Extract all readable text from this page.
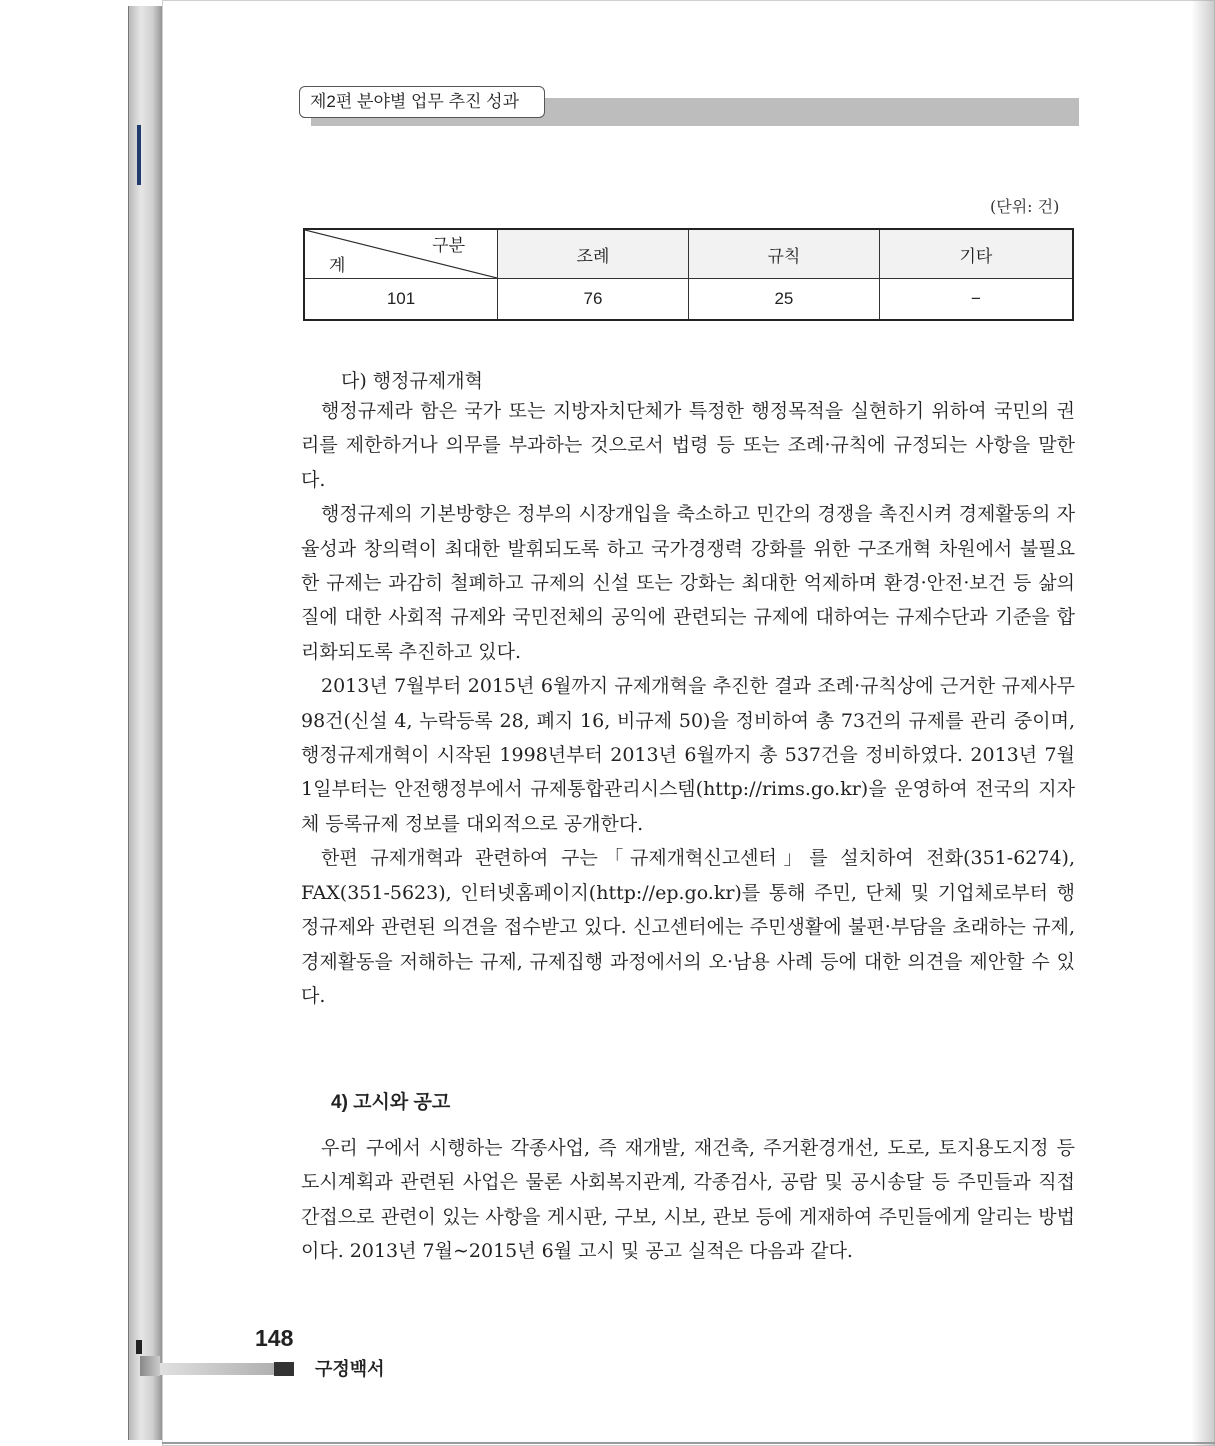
제2편 분야별 업무 추진 성과
(단위: 건)
구분
계	조례	규칙	기타
101	76	25	−
다) 행정규제개혁

행정규제라 함은 국가 또는 지방자치단체가 특정한 행정목적을 실현하기 위하여 국민의 권리를 제한하거나 의무를 부과하는 것으로서 법령 등 또는 조례·규칙에 규정되는 사항을 말한다.

행정규제의 기본방향은 정부의 시장개입을 축소하고 민간의 경쟁을 촉진시켜 경제활동의 자율성과 창의력이 최대한 발휘되도록 하고 국가경쟁력 강화를 위한 구조개혁 차원에서 불필요한 규제는 과감히 철폐하고 규제의 신설 또는 강화는 최대한 억제하며 환경·안전·보건 등 삶의 질에 대한 사회적 규제와 국민전체의 공익에 관련되는 규제에 대하여는 규제수단과 기준을 합리화되도록 추진하고 있다.

2013년 7월부터 2015년 6월까지 규제개혁을 추진한 결과 조례·규칙상에 근거한 규제사무 98건(신설 4, 누락등록 28, 폐지 16, 비규제 50)을 정비하여 총 73건의 규제를 관리 중이며, 행정규제개혁이 시작된 1998년부터 2013년 6월까지 총 537건을 정비하였다. 2013년 7월 1일부터는 안전행정부에서 규제통합관리시스템(http://rims.go.kr)을 운영하여 전국의 지자체 등록규제 정보를 대외적으로 공개한다.

한편 규제개혁과 관련하여 구는「규제개혁신고센터」를 설치하여 전화(351-6274), FAX(351-5623), 인터넷홈페이지(http://ep.go.kr)를 통해 주민, 단체 및 기업체로부터 행정규제와 관련된 의견을 접수받고 있다. 신고센터에는 주민생활에 불편·부담을 초래하는 규제, 경제활동을 저해하는 규제, 규제집행 과정에서의 오·남용 사례 등에 대한 의견을 제안할 수 있다.

4) 고시와 공고

우리 구에서 시행하는 각종사업, 즉 재개발, 재건축, 주거환경개선, 도로, 토지용도지정 등 도시계획과 관련된 사업은 물론 사회복지관계, 각종검사, 공람 및 공시송달 등 주민들과 직접 간접으로 관련이 있는 사항을 게시판, 구보, 시보, 관보 등에 게재하여 주민들에게 알리는 방법이다. 2013년 7월∼2015년 6월 고시 및 공고 실적은 다음과 같다.

148
구정백서
